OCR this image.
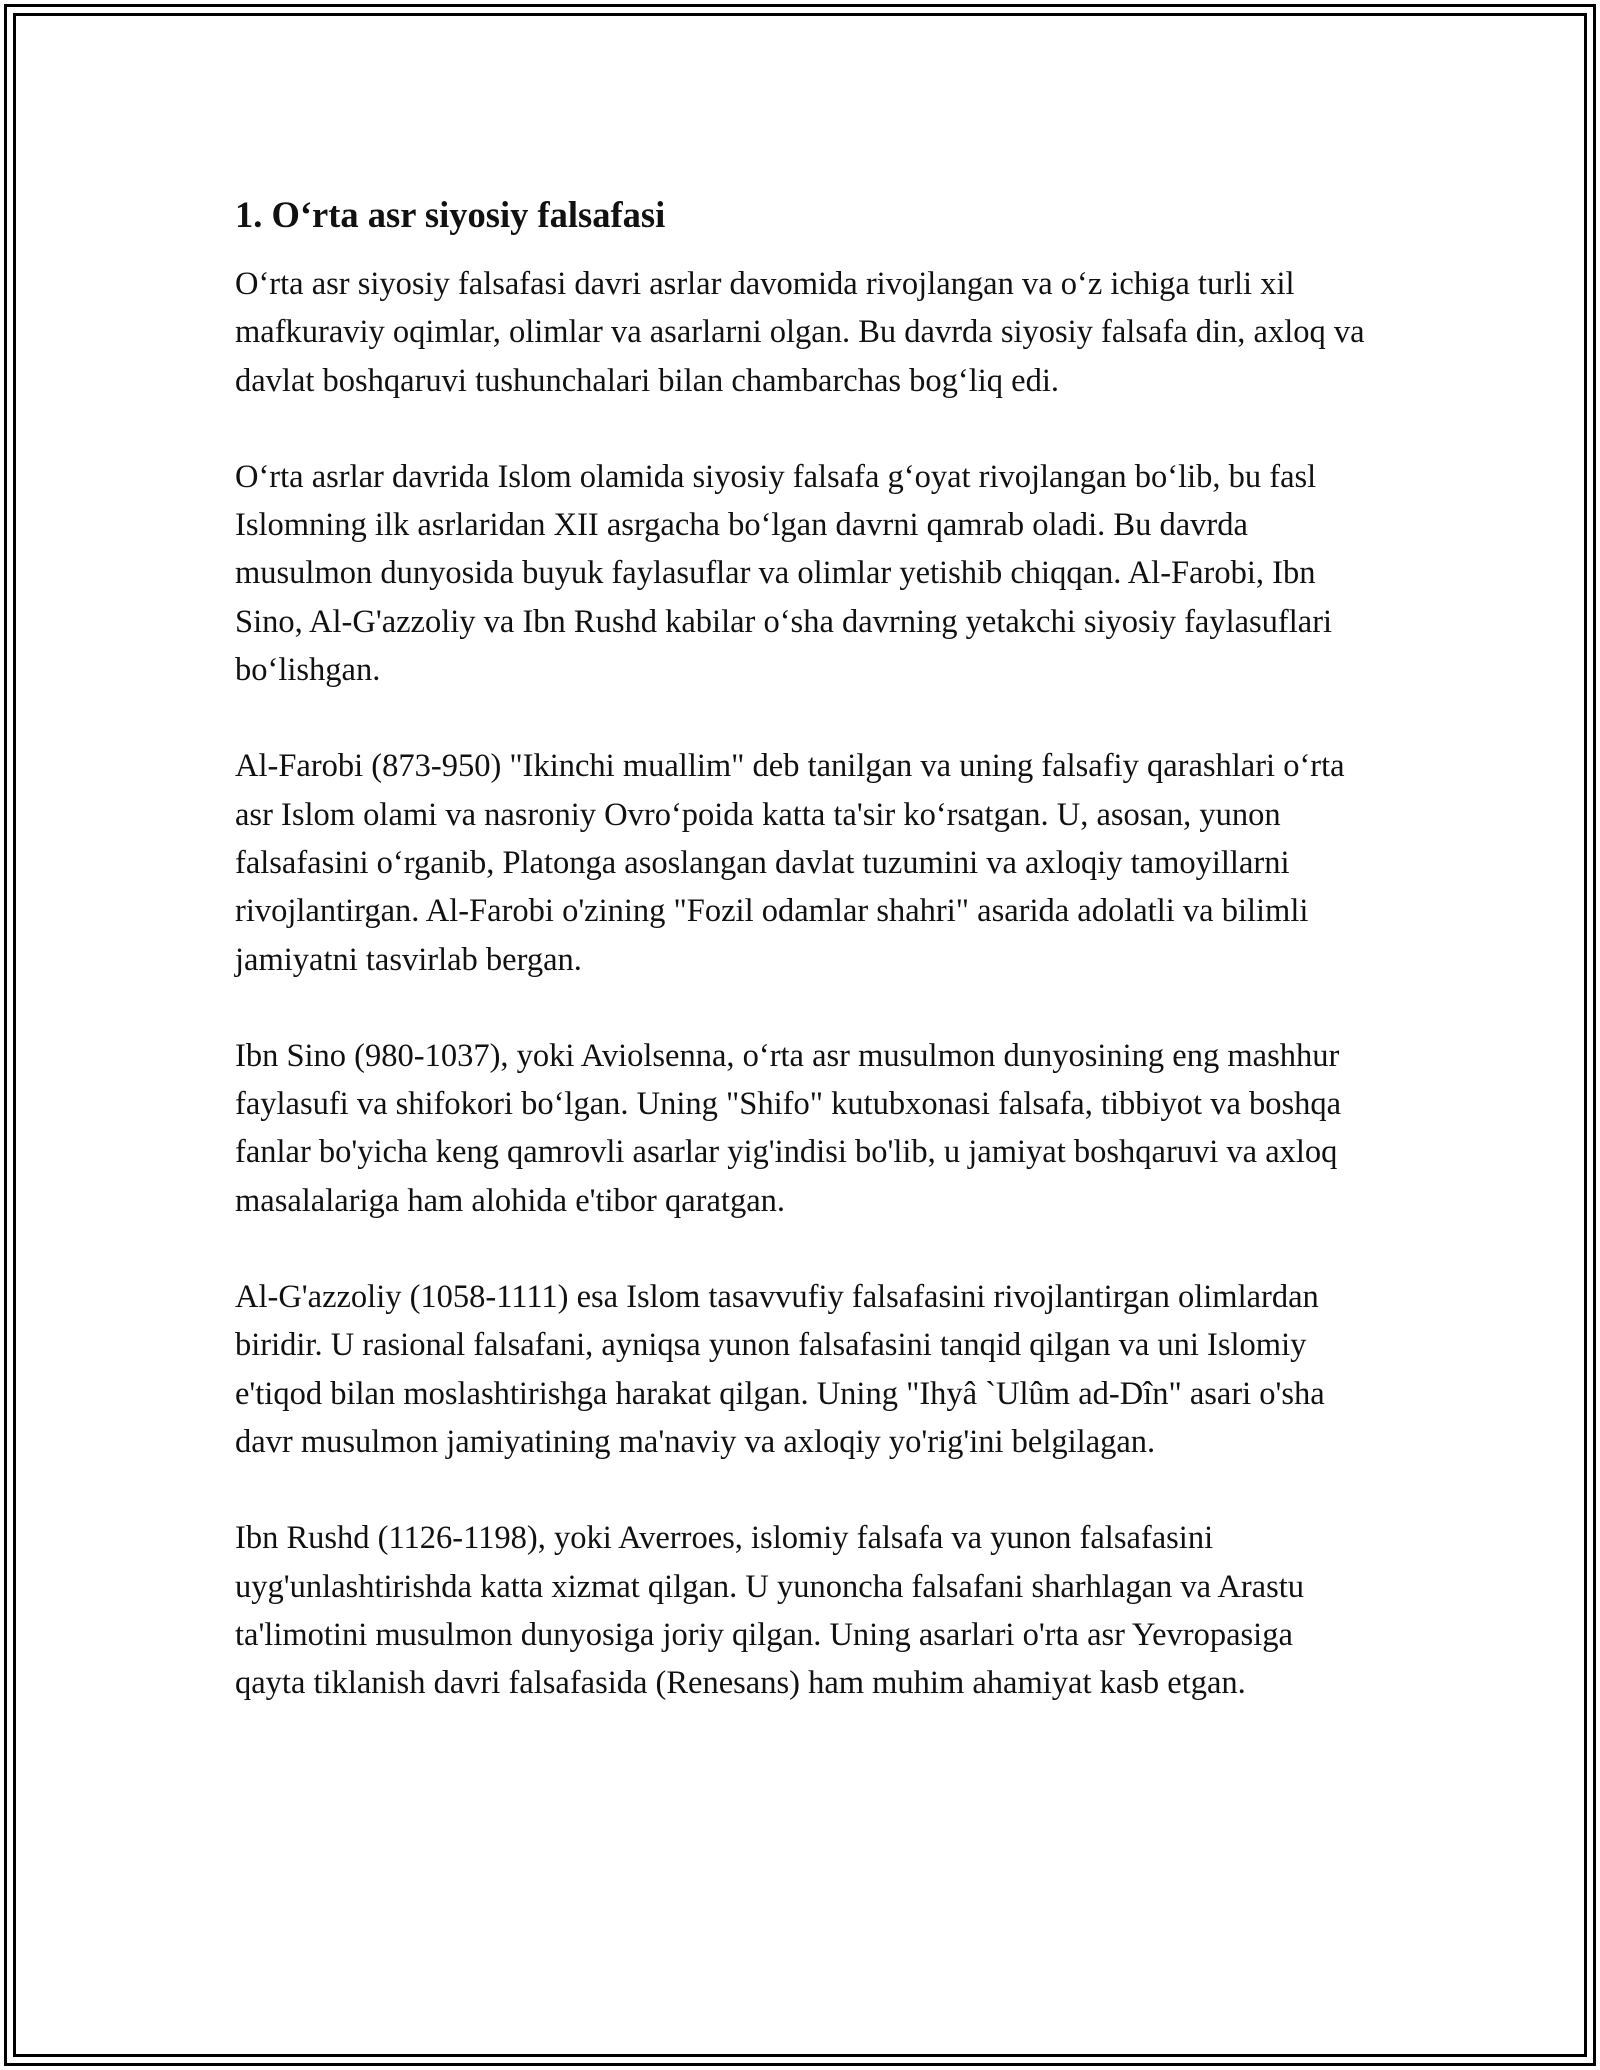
1. O‘rta asr siyosiy falsafasi

O‘rta asr siyosiy falsafasi davri asrlar davomida rivojlangan va o‘z ichiga turli xil mafkuraviy oqimlar, olimlar va asarlarni olgan. Bu davrda siyosiy falsafa din, axloq va davlat boshqaruvi tushunchalari bilan chambarchas bog‘liq edi.

O‘rta asrlar davrida Islom olamida siyosiy falsafa g‘oyat rivojlangan bo‘lib, bu fasl Islomning ilk asrlaridan XII asrgacha bo‘lgan davrni qamrab oladi. Bu davrda musulmon dunyosida buyuk faylasuflar va olimlar yetishib chiqqan. Al-Farobi, Ibn Sino, Al-G'azzoliy va Ibn Rushd kabilar o‘sha davrning yetakchi siyosiy faylasuflari bo‘lishgan.

Al-Farobi (873-950) "Ikinchi muallim" deb tanilgan va uning falsafiy qarashlari o‘rta asr Islom olami va nasroniy Ovro‘poida katta ta'sir ko‘rsatgan. U, asosan, yunon falsafasini o‘rganib, Platonga asoslangan davlat tuzumini va axloqiy tamoyillarni rivojlantirgan. Al-Farobi o'zining "Fozil odamlar shahri" asarida adolatli va bilimli jamiyatni tasvirlab bergan.

Ibn Sino (980-1037), yoki Aviolsenna, o‘rta asr musulmon dunyosining eng mashhur faylasufi va shifokori bo‘lgan. Uning "Shifo" kutubxonasi falsafa, tibbiyot va boshqa fanlar bo'yicha keng qamrovli asarlar yig'indisi bo'lib, u jamiyat boshqaruvi va axloq masalalariga ham alohida e'tibor qaratgan.

Al-G'azzoliy (1058-1111) esa Islom tasavvufiy falsafasini rivojlantirgan olimlardan biridir. U rasional falsafani, ayniqsa yunon falsafasini tanqid qilgan va uni Islomiy e'tiqod bilan moslashtirishga harakat qilgan. Uning "Ihyâ `Ulûm ad-Dîn" asari o'sha davr musulmon jamiyatining ma'naviy va axloqiy yo'rig'ini belgilagan.

Ibn Rushd (1126-1198), yoki Averroes, islomiy falsafa va yunon falsafasini uyg'unlashtirishda katta xizmat qilgan. U yunoncha falsafani sharhlagan va Arastu ta'limotini musulmon dunyosiga joriy qilgan. Uning asarlari o'rta asr Yevropasiga qayta tiklanish davri falsafasida (Renesans) ham muhim ahamiyat kasb etgan.
